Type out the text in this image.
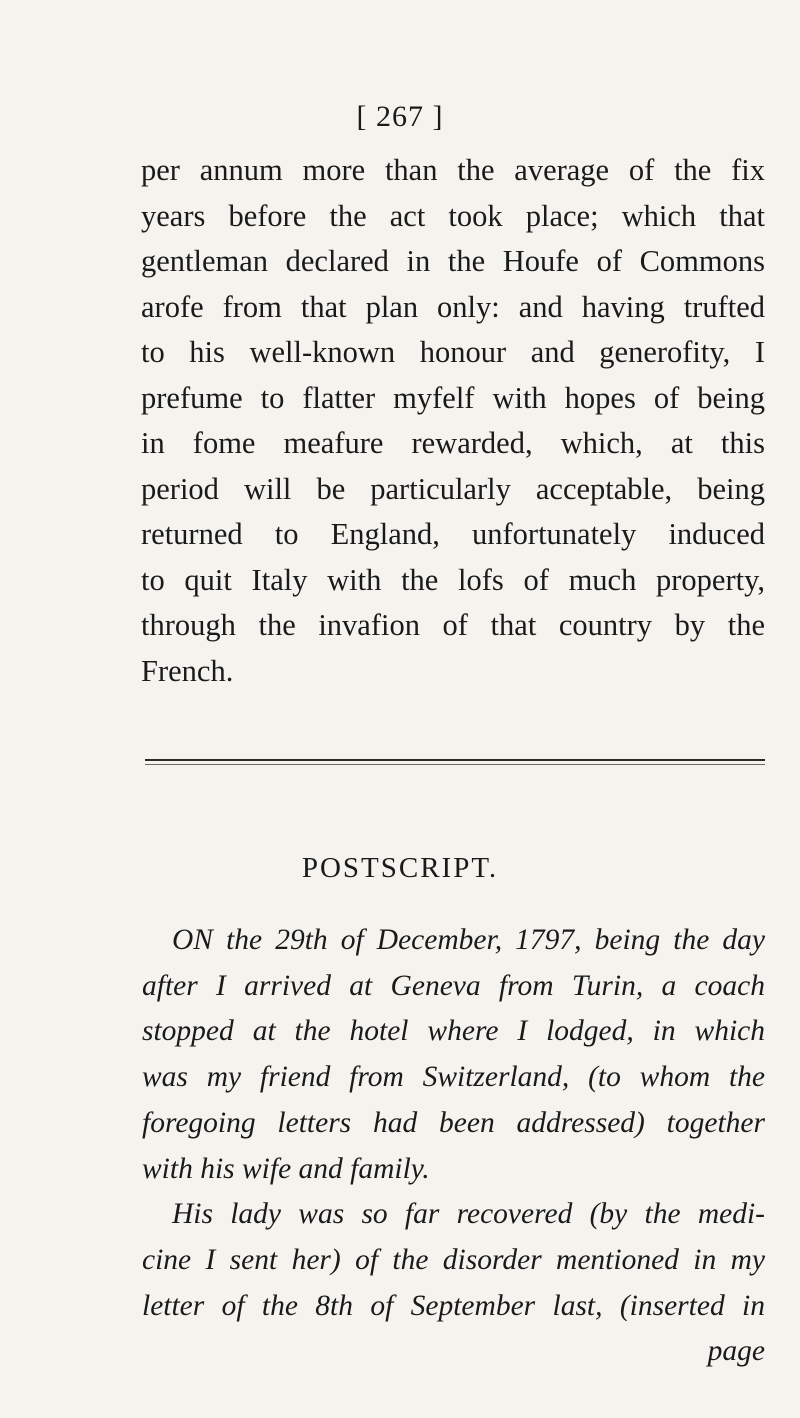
[ 267 ]
per annum more than the average of the fix
years before the act took place; which that
gentleman declared in the Houfe of Commons
arofe from that plan only: and having trufted
to his well-known honour and generofity, I
prefume to flatter myfelf with hopes of being
in fome meafure rewarded, which, at this
period will be particularly acceptable, being
returned to England, unfortunately induced
to quit Italy with the lofs of much property,
through the invafion of that country by the
French.
POSTSCRIPT.
ON the 29th of December, 1797, being the day
after I arrived at Geneva from Turin, a coach
stopped at the hotel where I lodged, in which
was my friend from Switzerland, (to whom the
foregoing letters had been addressed) together
with his wife and family.
His lady was so far recovered (by the medi-
cine I sent her) of the disorder mentioned in my
letter of the 8th of September last, (inserted in
page
